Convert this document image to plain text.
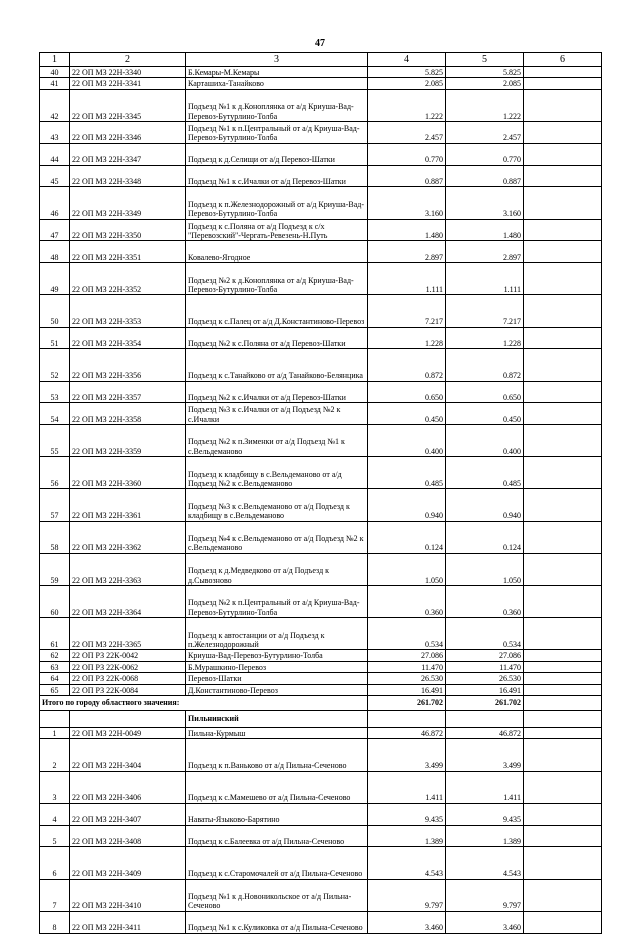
47
1	2	3	4	5	6
40	22 ОП МЗ 22Н-3340	Б.Кемары-М.Кемары	5.825	5.825	
41	22 ОП МЗ 22Н-3341	Карташиха-Танайково	2.085	2.085	
42	22 ОП МЗ 22Н-3345	Подъезд №1 к д.Коноплянка от а/д Криуша-Вад-Перевоз-Бутурлино-Толба	1.222	1.222	
43	22 ОП МЗ 22Н-3346	Подъезд №1 к п.Центральный от а/д Криуша-Вад-Перевоз-Бутурлино-Толба	2.457	2.457	
44	22 ОП МЗ 22Н-3347	Подъезд к д.Селищи от а/д Перевоз-Шатки	0.770	0.770	
45	22 ОП МЗ 22Н-3348	Подъезд №1 к с.Ичалки от а/д Перевоз-Шатки	0.887	0.887	
46	22 ОП МЗ 22Н-3349	Подъезд к п.Железнодорожный от а/д Криуша-Вад-Перевоз-Бутурлино-Толба	3.160	3.160	
47	22 ОП МЗ 22Н-3350	Подъезд к с.Поляна от а/д Подъезд к с/х "Перевозский"-Чергать-Ревезень-Н.Путь	1.480	1.480	
48	22 ОП МЗ 22Н-3351	Ковалево-Ягодное	2.897	2.897	
49	22 ОП МЗ 22Н-3352	Подъезд №2 к д.Коноплянка от а/д Криуша-Вад-Перевоз-Бутурлино-Толба	1.111	1.111	
50	22 ОП МЗ 22Н-3353	Подъезд к с.Палец от а/д Д.Константиново-Перевоз	7.217	7.217	
51	22 ОП МЗ 22Н-3354	Подъезд №2 к с.Поляна от а/д Перевоз-Шатки	1.228	1.228	
52	22 ОП МЗ 22Н-3356	Подъезд к с.Танайково от а/д Танайково-Белянцика	0.872	0.872	
53	22 ОП МЗ 22Н-3357	Подъезд №2 к с.Ичалки от а/д Перевоз-Шатки	0.650	0.650	
54	22 ОП МЗ 22Н-3358	Подъезд №3 к с.Ичалки от а/д Подъезд №2 к с.Ичалки	0.450	0.450	
55	22 ОП МЗ 22Н-3359	Подъезд №2 к п.Зименки от а/д Подъезд №1 к с.Вельдеманово	0.400	0.400	
56	22 ОП МЗ 22Н-3360	Подъезд к кладбищу в с.Вельдеманово от а/д Подъезд №2 к с.Вельдеманово	0.485	0.485	
57	22 ОП МЗ 22Н-3361	Подъезд №3 к с.Вельдеманово от а/д Подъезд к кладбищу в с.Вельдеманово	0.940	0.940	
58	22 ОП МЗ 22Н-3362	Подъезд №4 к с.Вельдеманово от а/д Подъезд №2 к с.Вельдеманово	0.124	0.124	
59	22 ОП МЗ 22Н-3363	Подъезд к д.Медведково от а/д Подъезд к д.Сывозново	1.050	1.050	
60	22 ОП МЗ 22Н-3364	Подъезд №2 к п.Центральный от а/д Криуша-Вад-Перевоз-Бутурлино-Толба	0.360	0.360	
61	22 ОП МЗ 22Н-3365	Подъезд к автостанции от а/д Подъезд к п.Железнодорожный	0.534	0.534	
62	22 ОП РЗ 22К-0042	Криуша-Вад-Перевоз-Бутурлино-Толба	27.086	27.086	
63	22 ОП РЗ 22К-0062	Б.Мурашкино-Перевоз	11.470	11.470	
64	22 ОП РЗ 22К-0068	Перевоз-Шатки	26.530	26.530	
65	22 ОП РЗ 22К-0084	Д.Константиново-Перевоз	16.491	16.491	
Итого по городу областного значения:			261.702	261.702	
		Пильнинский			
1	22 ОП МЗ 22Н-0049	Пильна-Курмыш	46.872	46.872	
2	22 ОП МЗ 22Н-3404	Подъезд к п.Ваньково от а/д Пильна-Сеченово	3.499	3.499	
3	22 ОП МЗ 22Н-3406	Подъезд к с.Мамешево от а/д Пильна-Сеченово	1.411	1.411	
4	22 ОП МЗ 22Н-3407	Наваты-Языково-Барятино	9.435	9.435	
5	22 ОП МЗ 22Н-3408	Подъезд к с.Балеевка от а/д Пильна-Сеченово	1.389	1.389	
6	22 ОП МЗ 22Н-3409	Подъезд к с.Старомочалей от а/д Пильна-Сеченово	4.543	4.543	
7	22 ОП МЗ 22Н-3410	Подъезд №1 к д.Новоникольское от а/д Пильна-Сеченово	9.797	9.797	
8	22 ОП МЗ 22Н-3411	Подъезд №1 к с.Куликовка от а/д Пильна-Сеченово	3.460	3.460	
